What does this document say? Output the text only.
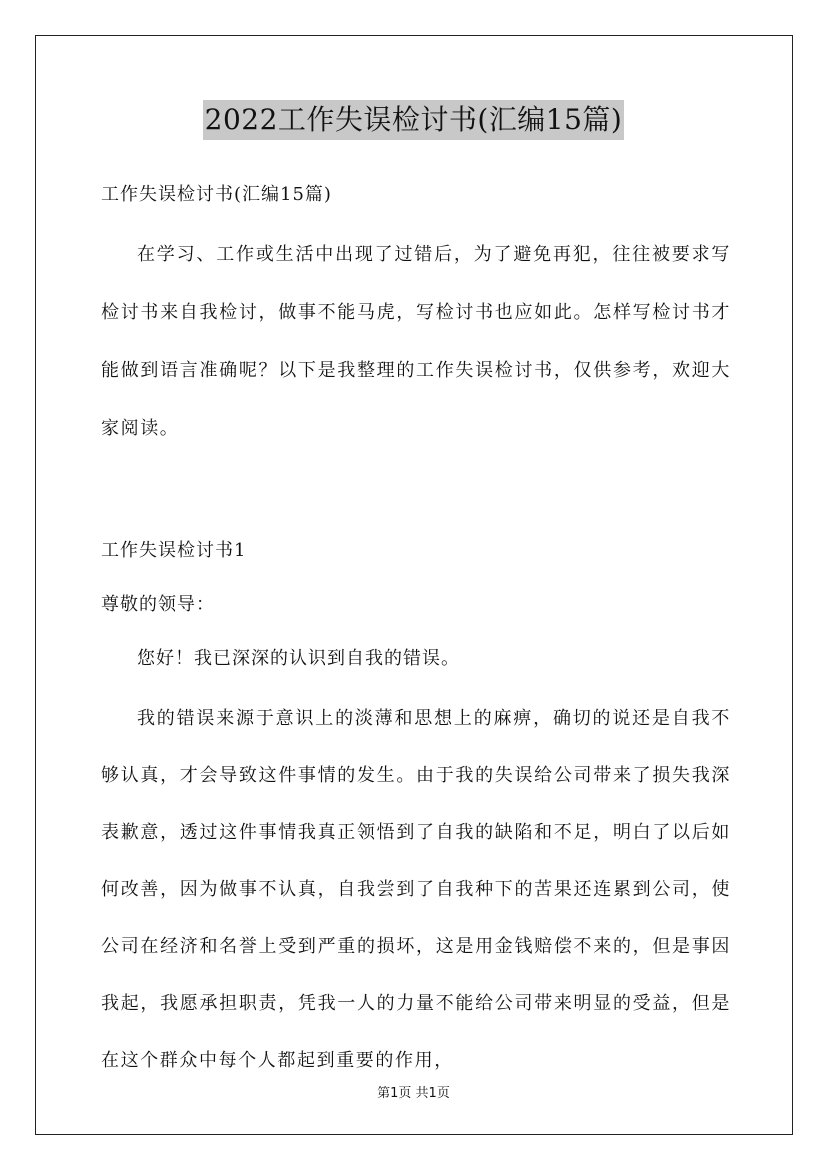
2022工作失误检讨书(汇编15篇)

工作失误检讨书(汇编15篇)

在学习、工作或生活中出现了过错后，为了避免再犯，往往被要求写检讨书来自我检讨，做事不能马虎，写检讨书也应如此。怎样写检讨书才能做到语言准确呢？以下是我整理的工作失误检讨书，仅供参考，欢迎大家阅读。

工作失误检讨书1

尊敬的领导：

您好！我已深深的认识到自我的错误。

我的错误来源于意识上的淡薄和思想上的麻痹，确切的说还是自我不够认真，才会导致这件事情的发生。由于我的失误给公司带来了损失我深表歉意，透过这件事情我真正领悟到了自我的缺陷和不足，明白了以后如何改善，因为做事不认真，自我尝到了自我种下的苦果还连累到公司，使公司在经济和名誉上受到严重的损坏，这是用金钱赔偿不来的，但是事因我起，我愿承担职责，凭我一人的力量不能给公司带来明显的受益，但是在这个群众中每个人都起到重要的作用，

第1页 共1页
